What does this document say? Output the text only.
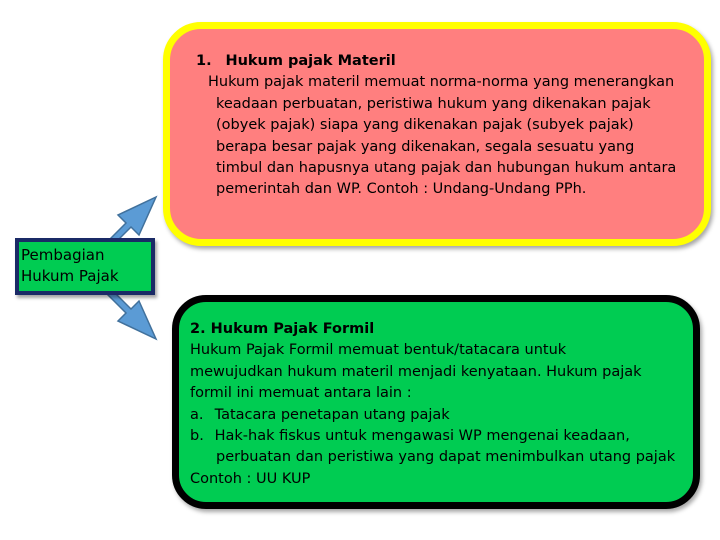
1. Hukum pajak Materil
Hukum pajak materil memuat norma-norma yang menerangkan
keadaan perbuatan, peristiwa hukum yang dikenakan pajak
(obyek pajak) siapa yang dikenakan pajak (subyek pajak)
berapa besar pajak yang dikenakan, segala sesuatu yang
timbul dan hapusnya utang pajak dan hubungan hukum antara
pemerintah dan WP. Contoh : Undang-Undang PPh.
2. Hukum Pajak Formil
Hukum Pajak Formil memuat bentuk/tatacara untuk
mewujudkan hukum materil menjadi kenyataan. Hukum pajak
formil ini memuat antara lain :
a. Tatacara penetapan utang pajak
b. Hak-hak fiskus untuk mengawasi WP mengenai keadaan,
perbuatan dan peristiwa yang dapat menimbulkan utang pajak
Contoh : UU KUP
Pembagian
Hukum Pajak
